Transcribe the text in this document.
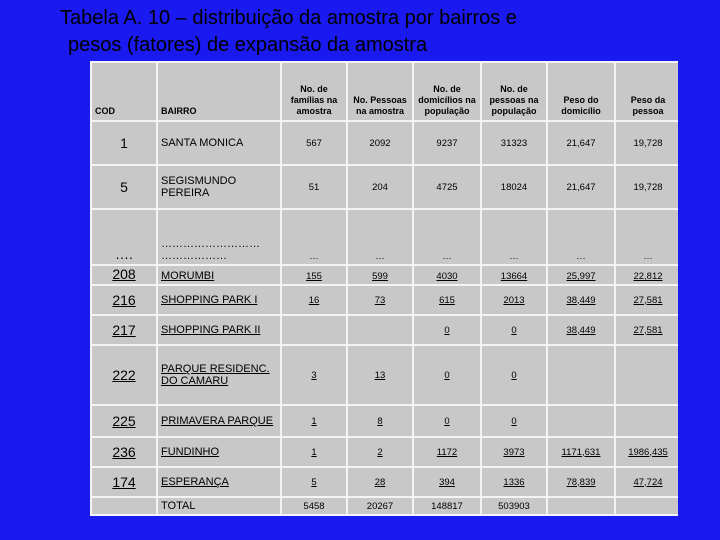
Tabela A. 10 – distribuição da amostra por bairros e
pesos (fatores) de expansão da amostra
COD	BAIRRO	No. de famílias na amostra	No. Pessoas na amostra	No. de domicílios na população	No. de pessoas na população	Peso do domicílio	Peso da pessoa
1	SANTA MONICA	567	2092	9237	31323	21,647	19,728
5	SEGISMUNDO PEREIRA	51	204	4725	18024	21,647	19,728
….	……………………… ………………	…	…	…	…	…	…
208	MORUMBI	155	599	4030	13664	25,997	22,812
216	SHOPPING PARK I	16	73	615	2013	38,449	27,581
217	SHOPPING PARK II			0	0	38,449	27,581
222	PARQUE RESIDENC. DO CAMARU	3	13	0	0		
225	PRIMAVERA PARQUE	1	8	0	0		
236	FUNDINHO	1	2	1172	3973	1171,631	1986,435
174	ESPERANÇA	5	28	394	1336	78,839	47,724
	TOTAL	5458	20267	148817	503903		
